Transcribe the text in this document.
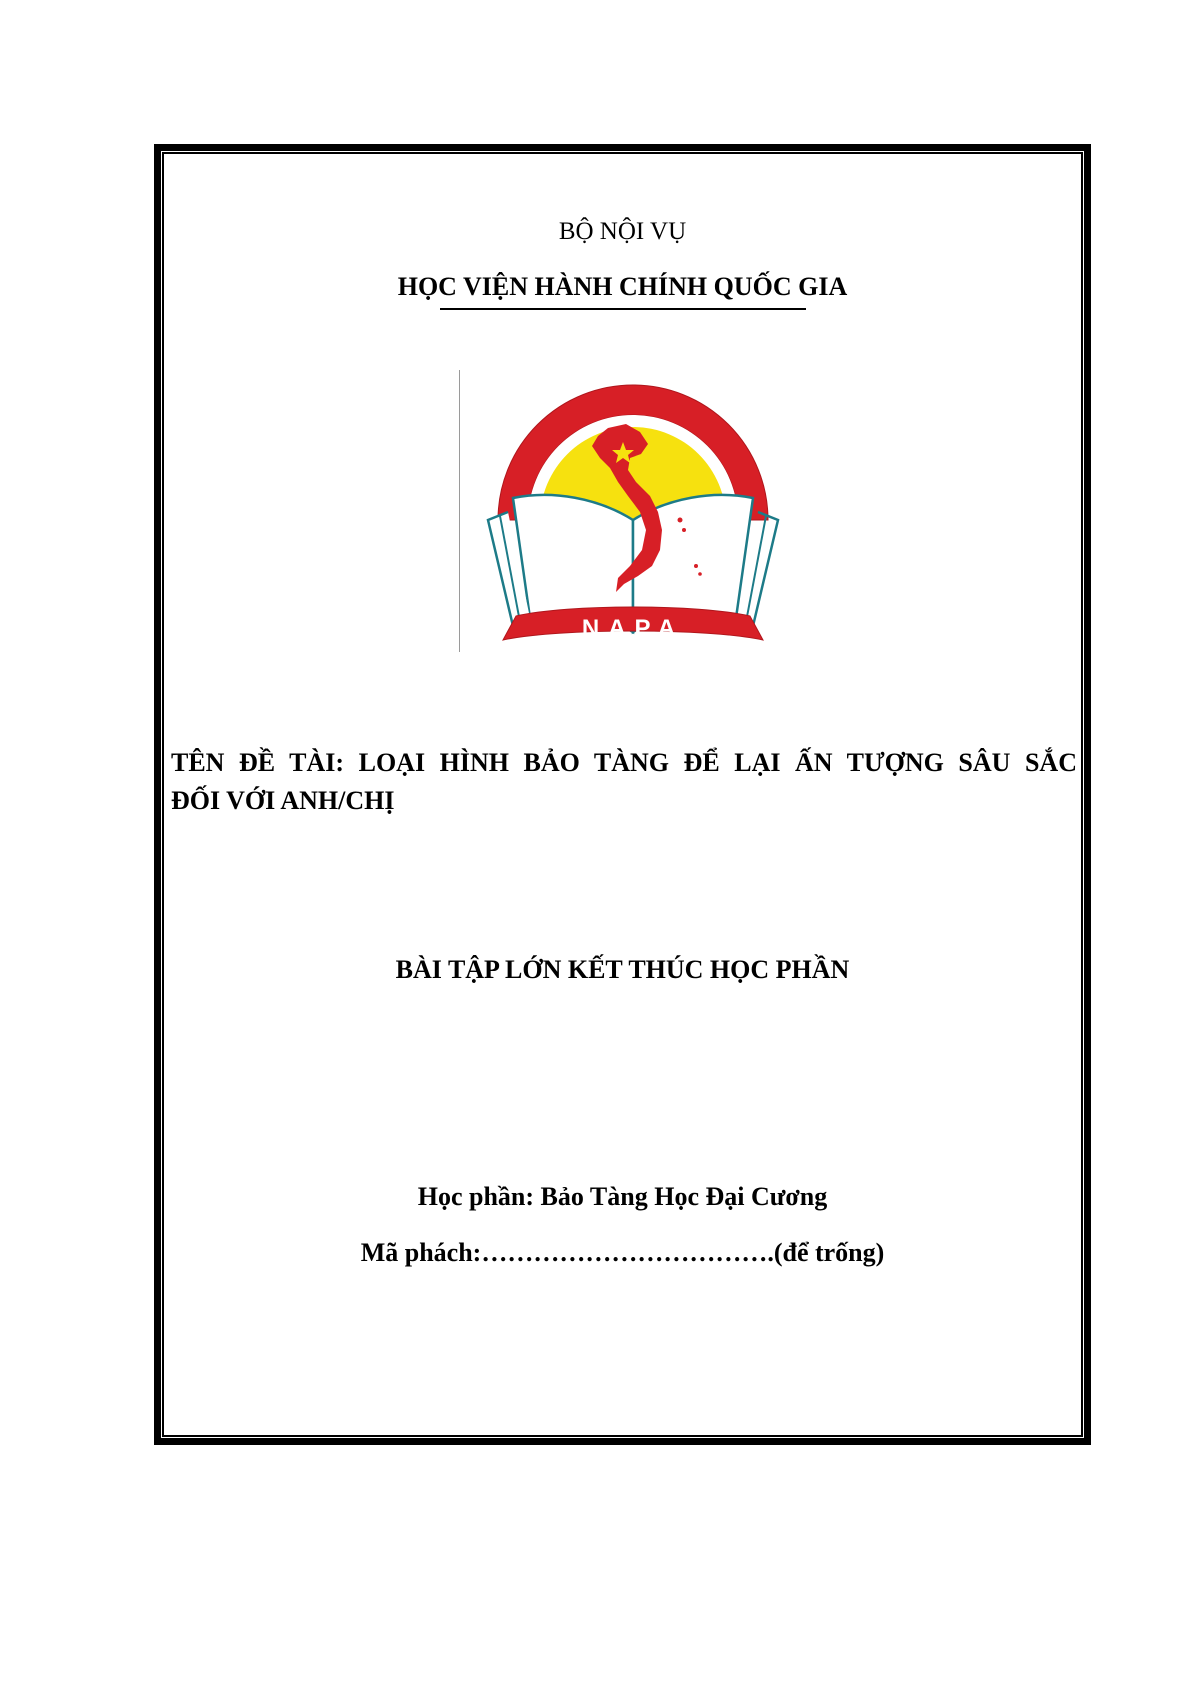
BỘ NỘI VỤ
HỌC VIỆN HÀNH CHÍNH QUỐC GIA
HỌC VIỆN HÀNH CHÍNH QUỐC GIA
NAPA
TÊN ĐỀ TÀI: LOẠI HÌNH BẢO TÀNG ĐỂ LẠI ẤN TƯỢNG SÂU SẮC
ĐỐI VỚI ANH/CHỊ
BÀI TẬP LỚN KẾT THÚC HỌC PHẦN
Học phần: Bảo Tàng Học Đại Cương
Mã phách:…………………………….(để trống)
